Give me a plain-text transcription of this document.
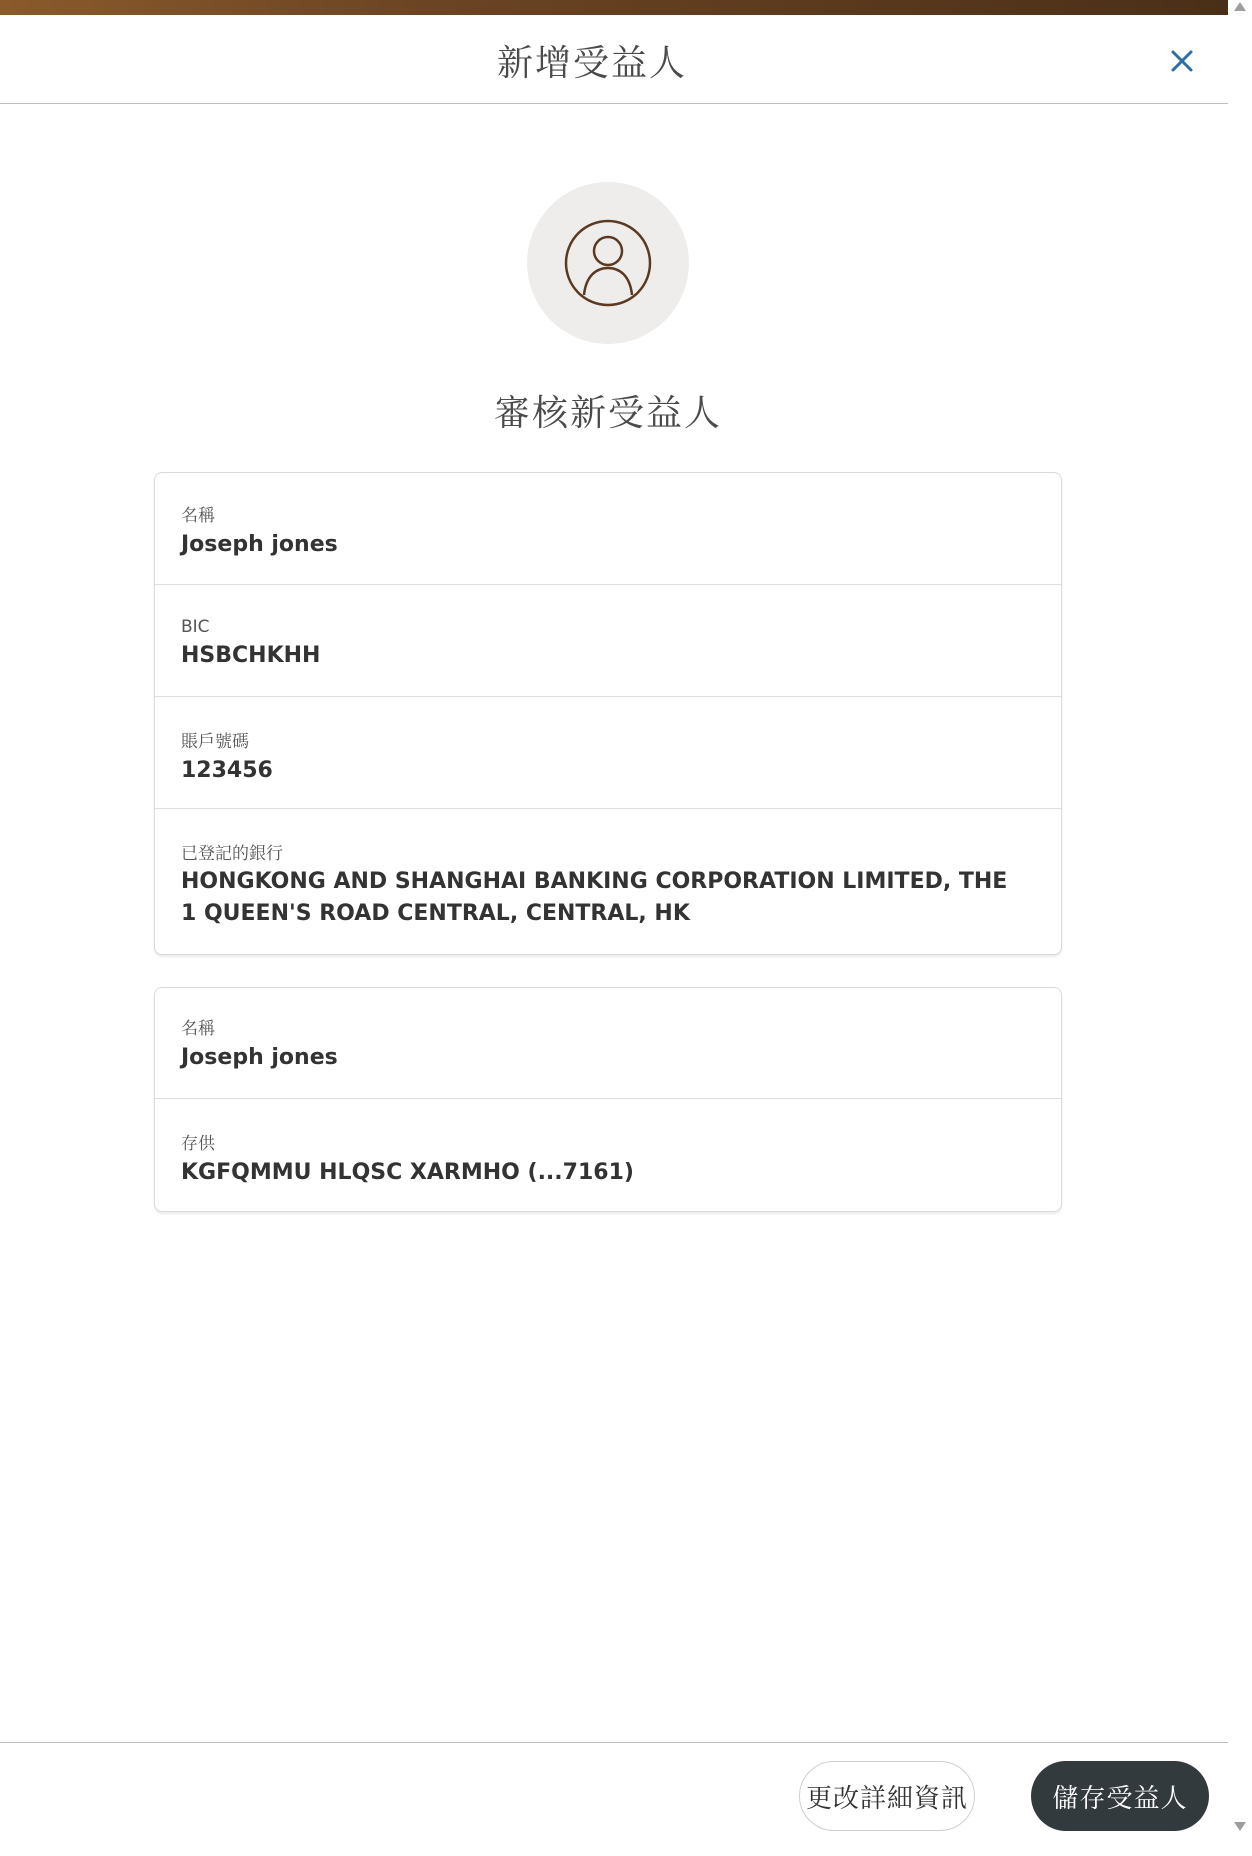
新增受益人
審核新受益人
名稱
Joseph jones
BIC
HSBCHKHH
賬戶號碼
123456
已登記的銀行
HONGKONG AND SHANGHAI BANKING CORPORATION LIMITED, THE
1 QUEEN'S ROAD CENTRAL, CENTRAL, HK
名稱
Joseph jones
存供
KGFQMMU HLQSC XARMHO (...7161)
更改詳細資訊	儲存受益人
